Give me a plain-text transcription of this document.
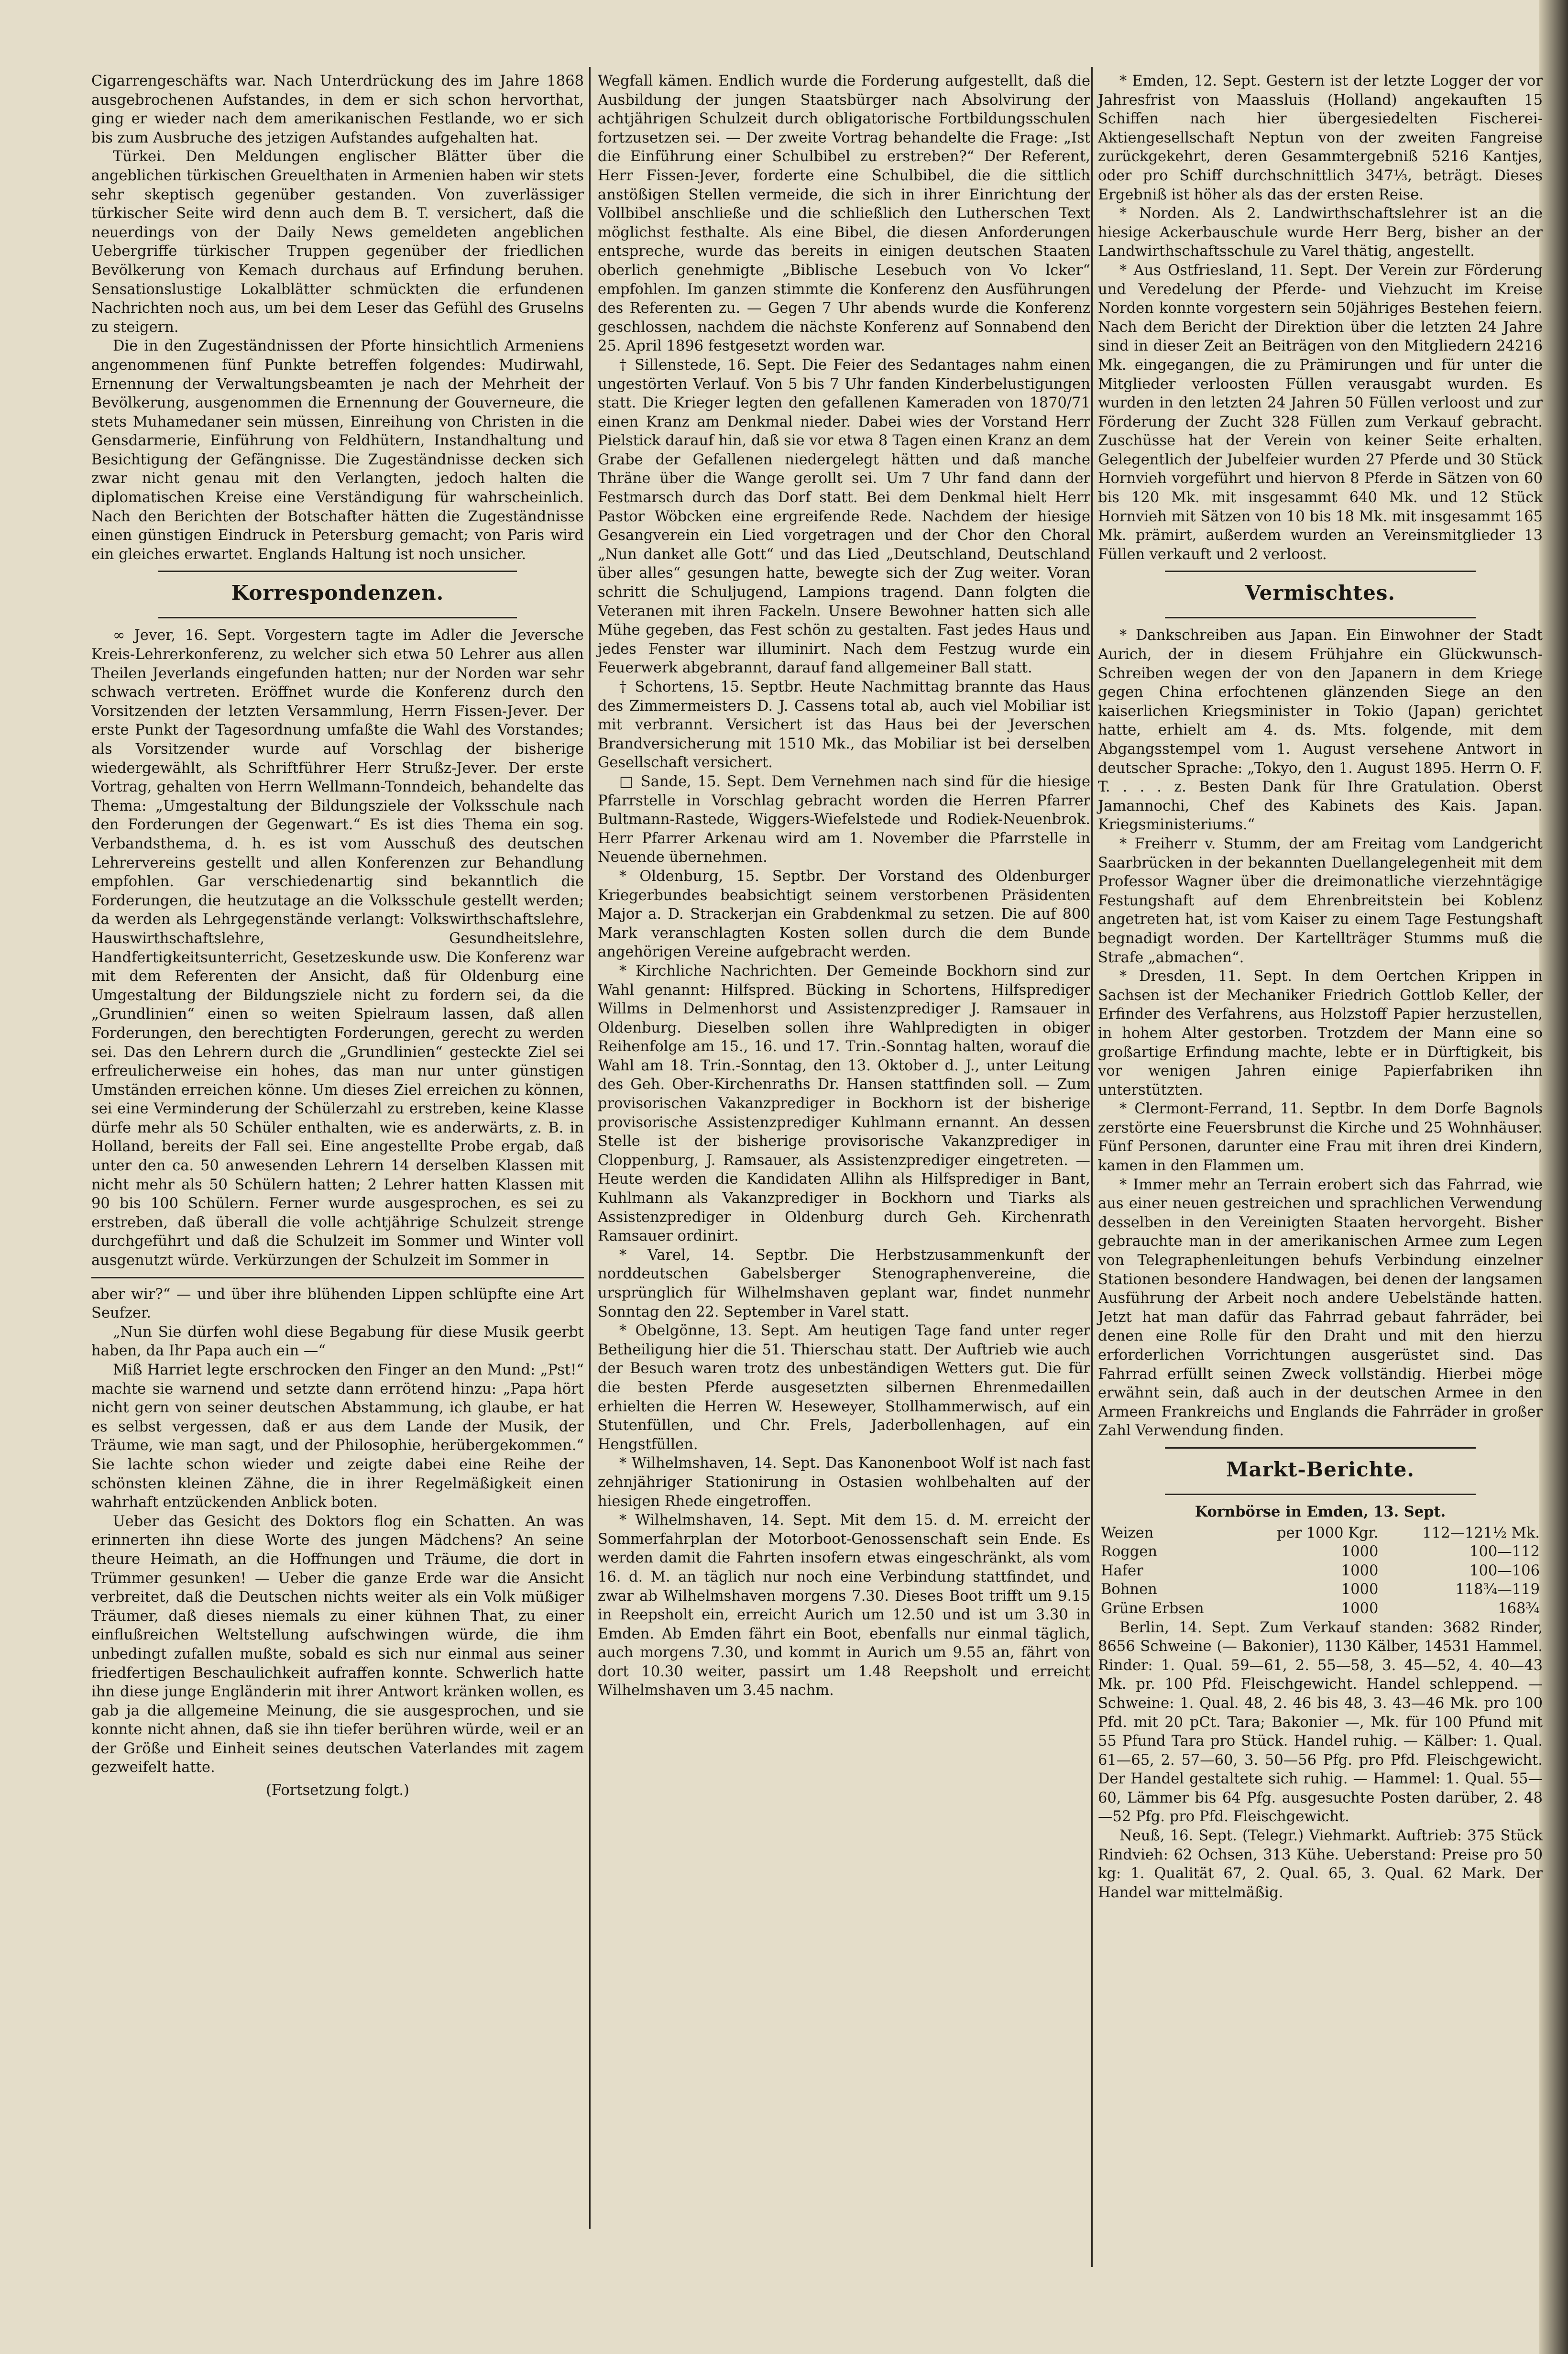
Cigarrengeschäfts war. Nach Unterdrückung des im Jahre 1868 ausgebrochenen Aufstandes, in dem er sich schon hervorthat, ging er wieder nach dem amerikanischen Festlande, wo er sich bis zum Ausbruche des jetzigen Aufstandes aufgehalten hat.

Türkei. Den Meldungen englischer Blätter über die angeblichen türkischen Greuelthaten in Armenien haben wir stets sehr skeptisch gegenüber gestanden. Von zuverlässiger türkischer Seite wird denn auch dem B. T. versichert, daß die neuerdings von der Daily News gemeldeten angeblichen Uebergriffe türkischer Truppen gegenüber der friedlichen Bevölkerung von Kemach durchaus auf Erfindung beruhen. Sensationslustige Lokalblätter schmückten die erfundenen Nachrichten noch aus, um bei dem Leser das Gefühl des Gruselns zu steigern.

Die in den Zugeständnissen der Pforte hinsichtlich Armeniens angenommenen fünf Punkte betreffen folgendes: Mudirwahl, Ernennung der Verwaltungsbeamten je nach der Mehrheit der Bevölkerung, ausgenommen die Ernennung der Gouverneure, die stets Muhamedaner sein müssen, Einreihung von Christen in die Gensdarmerie, Einführung von Feldhütern, Instandhaltung und Besichtigung der Gefängnisse. Die Zugeständnisse decken sich zwar nicht genau mit den Verlangten, jedoch halten die diplomatischen Kreise eine Verständigung für wahrscheinlich. Nach den Berichten der Botschafter hätten die Zugeständnisse einen günstigen Eindruck in Petersburg gemacht; von Paris wird ein gleiches erwartet. Englands Haltung ist noch unsicher.

Korrespondenzen.

∞ Jever, 16. Sept. Vorgestern tagte im Adler die Jeversche Kreis-Lehrerkonferenz, zu welcher sich etwa 50 Lehrer aus allen Theilen Jeverlands eingefunden hatten; nur der Norden war sehr schwach vertreten. Eröffnet wurde die Konferenz durch den Vorsitzenden der letzten Versammlung, Herrn Fissen-Jever. Der erste Punkt der Tagesordnung umfaßte die Wahl des Vorstandes; als Vorsitzender wurde auf Vorschlag der bisherige wiedergewählt, als Schriftführer Herr Strußz-Jever. Der erste Vortrag, gehalten von Herrn Wellmann-Tonndeich, behandelte das Thema: „Umgestaltung der Bildungsziele der Volksschule nach den Forderungen der Gegenwart.“ Es ist dies Thema ein sog. Verbandsthema, d. h. es ist vom Ausschuß des deutschen Lehrervereins gestellt und allen Konferenzen zur Behandlung empfohlen. Gar verschiedenartig sind bekanntlich die Forderungen, die heutzutage an die Volksschule gestellt werden; da werden als Lehrgegenstände verlangt: Volkswirthschaftslehre, Hauswirthschaftslehre, Gesundheitslehre, Handfertigkeitsunterricht, Gesetzeskunde usw. Die Konferenz war mit dem Referenten der Ansicht, daß für Oldenburg eine Umgestaltung der Bildungsziele nicht zu fordern sei, da die „Grundlinien“ einen so weiten Spielraum lassen, daß allen Forderungen, den berechtigten Forderungen, gerecht zu werden sei. Das den Lehrern durch die „Grundlinien“ gesteckte Ziel sei erfreulicherweise ein hohes, das man nur unter günstigen Umständen erreichen könne. Um dieses Ziel erreichen zu können, sei eine Verminderung der Schülerzahl zu erstreben, keine Klasse dürfe mehr als 50 Schüler enthalten, wie es anderwärts, z. B. in Holland, bereits der Fall sei. Eine angestellte Probe ergab, daß unter den ca. 50 anwesenden Lehrern 14 derselben Klassen mit nicht mehr als 50 Schülern hatten; 2 Lehrer hatten Klassen mit 90 bis 100 Schülern. Ferner wurde ausgesprochen, es sei zu erstreben, daß überall die volle achtjährige Schulzeit strenge durchgeführt und daß die Schulzeit im Sommer und Winter voll ausgenutzt würde. Verkürzungen der Schulzeit im Sommer in

aber wir?“ — und über ihre blühenden Lippen schlüpfte eine Art Seufzer.

„Nun Sie dürfen wohl diese Begabung für diese Musik geerbt haben, da Ihr Papa auch ein —“

Miß Harriet legte erschrocken den Finger an den Mund: „Pst!“ machte sie warnend und setzte dann errötend hinzu: „Papa hört nicht gern von seiner deutschen Abstammung, ich glaube, er hat es selbst vergessen, daß er aus dem Lande der Musik, der Träume, wie man sagt, und der Philosophie, herübergekommen.“ Sie lachte schon wieder und zeigte dabei eine Reihe der schönsten kleinen Zähne, die in ihrer Regelmäßigkeit einen wahrhaft entzückenden Anblick boten.

Ueber das Gesicht des Doktors flog ein Schatten. An was erinnerten ihn diese Worte des jungen Mädchens? An seine theure Heimath, an die Hoffnungen und Träume, die dort in Trümmer gesunken! — Ueber die ganze Erde war die Ansicht verbreitet, daß die Deutschen nichts weiter als ein Volk müßiger Träumer, daß dieses niemals zu einer kühnen That, zu einer einflußreichen Weltstellung aufschwingen würde, die ihm unbedingt zufallen mußte, sobald es sich nur einmal aus seiner friedfertigen Beschaulichkeit aufraffen konnte. Schwerlich hatte ihn diese junge Engländerin mit ihrer Antwort kränken wollen, es gab ja die allgemeine Meinung, die sie ausgesprochen, und sie konnte nicht ahnen, daß sie ihn tiefer berühren würde, weil er an der Größe und Einheit seines deutschen Vaterlandes mit zagem gezweifelt hatte.

(Fortsetzung folgt.)

Wegfall kämen. Endlich wurde die Forderung aufgestellt, daß die Ausbildung der jungen Staatsbürger nach Absolvirung der achtjährigen Schulzeit durch obligatorische Fortbildungsschulen fortzusetzen sei. — Der zweite Vortrag behandelte die Frage: „Ist die Einführung einer Schulbibel zu erstreben?“ Der Referent, Herr Fissen-Jever, forderte eine Schulbibel, die die sittlich anstößigen Stellen vermeide, die sich in ihrer Einrichtung der Vollbibel anschließe und die schließlich den Lutherschen Text möglichst festhalte. Als eine Bibel, die diesen Anforderungen entspreche, wurde das bereits in einigen deutschen Staaten oberlich genehmigte „Biblische Lesebuch von Vo lcker“ empfohlen. Im ganzen stimmte die Konferenz den Ausführungen des Referenten zu. — Gegen 7 Uhr abends wurde die Konferenz geschlossen, nachdem die nächste Konferenz auf Sonnabend den 25. April 1896 festgesetzt worden war.

† Sillenstede, 16. Sept. Die Feier des Sedantages nahm einen ungestörten Verlauf. Von 5 bis 7 Uhr fanden Kinderbelustigungen statt. Die Krieger legten den gefallenen Kameraden von 1870/71 einen Kranz am Denkmal nieder. Dabei wies der Vorstand Herr Pielstick darauf hin, daß sie vor etwa 8 Tagen einen Kranz an dem Grabe der Gefallenen niedergelegt hätten und daß manche Thräne über die Wange gerollt sei. Um 7 Uhr fand dann der Festmarsch durch das Dorf statt. Bei dem Denkmal hielt Herr Pastor Wöbcken eine ergreifende Rede. Nachdem der hiesige Gesangverein ein Lied vorgetragen und der Chor den Choral „Nun danket alle Gott“ und das Lied „Deutschland, Deutschland über alles“ gesungen hatte, bewegte sich der Zug weiter. Voran schritt die Schuljugend, Lampions tragend. Dann folgten die Veteranen mit ihren Fackeln. Unsere Bewohner hatten sich alle Mühe gegeben, das Fest schön zu gestalten. Fast jedes Haus und jedes Fenster war illuminirt. Nach dem Festzug wurde ein Feuerwerk abgebrannt, darauf fand allgemeiner Ball statt.

† Schortens, 15. Septbr. Heute Nachmittag brannte das Haus des Zimmermeisters D. J. Cassens total ab, auch viel Mobiliar ist mit verbrannt. Versichert ist das Haus bei der Jeverschen Brandversicherung mit 1510 Mk., das Mobiliar ist bei derselben Gesellschaft versichert.

□ Sande, 15. Sept. Dem Vernehmen nach sind für die hiesige Pfarrstelle in Vorschlag gebracht worden die Herren Pfarrer Bultmann-Rastede, Wiggers-Wiefelstede und Rodiek-Neuenbrok. Herr Pfarrer Arkenau wird am 1. November die Pfarrstelle in Neuende übernehmen.

* Oldenburg, 15. Septbr. Der Vorstand des Oldenburger Kriegerbundes beabsichtigt seinem verstorbenen Präsidenten Major a. D. Strackerjan ein Grabdenkmal zu setzen. Die auf 800 Mark veranschlagten Kosten sollen durch die dem Bunde angehörigen Vereine aufgebracht werden.

* Kirchliche Nachrichten. Der Gemeinde Bockhorn sind zur Wahl genannt: Hilfspred. Bücking in Schortens, Hilfsprediger Willms in Delmenhorst und Assistenzprediger J. Ramsauer in Oldenburg. Dieselben sollen ihre Wahlpredigten in obiger Reihenfolge am 15., 16. und 17. Trin.-Sonntag halten, worauf die Wahl am 18. Trin.-Sonntag, den 13. Oktober d. J., unter Leitung des Geh. Ober-Kirchenraths Dr. Hansen stattfinden soll. — Zum provisorischen Vakanzprediger in Bockhorn ist der bisherige provisorische Assistenzprediger Kuhlmann ernannt. An dessen Stelle ist der bisherige provisorische Vakanzprediger in Cloppenburg, J. Ramsauer, als Assistenzprediger eingetreten. — Heute werden die Kandidaten Allihn als Hilfsprediger in Bant, Kuhlmann als Vakanzprediger in Bockhorn und Tiarks als Assistenzprediger in Oldenburg durch Geh. Kirchenrath Ramsauer ordinirt.

* Varel, 14. Septbr. Die Herbstzusammenkunft der norddeutschen Gabelsberger Stenographenvereine, die ursprünglich für Wilhelmshaven geplant war, findet nunmehr Sonntag den 22. September in Varel statt.

* Obelgönne, 13. Sept. Am heutigen Tage fand unter reger Betheiligung hier die 51. Thierschau statt. Der Auftrieb wie auch der Besuch waren trotz des unbeständigen Wetters gut. Die für die besten Pferde ausgesetzten silbernen Ehrenmedaillen erhielten die Herren W. Heseweyer, Stollhammerwisch, auf ein Stutenfüllen, und Chr. Frels, Jaderbollenhagen, auf ein Hengstfüllen.

* Wilhelmshaven, 14. Sept. Das Kanonenboot Wolf ist nach fast zehnjähriger Stationirung in Ostasien wohlbehalten auf der hiesigen Rhede eingetroffen.

* Wilhelmshaven, 14. Sept. Mit dem 15. d. M. erreicht der Sommerfahrplan der Motorboot-Genossenschaft sein Ende. Es werden damit die Fahrten insofern etwas eingeschränkt, als vom 16. d. M. an täglich nur noch eine Verbindung stattfindet, und zwar ab Wilhelmshaven morgens 7.30. Dieses Boot trifft um 9.15 in Reepsholt ein, erreicht Aurich um 12.50 und ist um 3.30 in Emden. Ab Emden fährt ein Boot, ebenfalls nur einmal täglich, auch morgens 7.30, und kommt in Aurich um 9.55 an, fährt von dort 10.30 weiter, passirt um 1.48 Reepsholt und erreicht Wilhelmshaven um 3.45 nachm.

* Emden, 12. Sept. Gestern ist der letzte Logger der vor Jahresfrist von Maassluis (Holland) angekauften 15 Schiffen nach hier übergesiedelten Fischerei-Aktiengesellschaft Neptun von der zweiten Fangreise zurückgekehrt, deren Gesammtergebniß 5216 Kantjes, oder pro Schiff durchschnittlich 347⅓, beträgt. Dieses Ergebniß ist höher als das der ersten Reise.

* Norden. Als 2. Landwirthschaftslehrer ist an die hiesige Ackerbauschule wurde Herr Berg, bisher an der Landwirthschaftsschule zu Varel thätig, angestellt.

* Aus Ostfriesland, 11. Sept. Der Verein zur Förderung und Veredelung der Pferde- und Viehzucht im Kreise Norden konnte vorgestern sein 50jähriges Bestehen feiern. Nach dem Bericht der Direktion über die letzten 24 Jahre sind in dieser Zeit an Beiträgen von den Mitgliedern 24216 Mk. eingegangen, die zu Prämirungen und für unter die Mitglieder verloosten Füllen verausgabt wurden. Es wurden in den letzten 24 Jahren 50 Füllen verloost und zur Förderung der Zucht 328 Füllen zum Verkauf gebracht. Zuschüsse hat der Verein von keiner Seite erhalten. Gelegentlich der Jubelfeier wurden 27 Pferde und 30 Stück Hornvieh vorgeführt und hiervon 8 Pferde in Sätzen von 60 bis 120 Mk. mit insgesammt 640 Mk. und 12 Stück Hornvieh mit Sätzen von 10 bis 18 Mk. mit insgesammt 165 Mk. prämirt, außerdem wurden an Vereinsmitglieder 13 Füllen verkauft und 2 verloost.

Vermischtes.

* Dankschreiben aus Japan. Ein Einwohner der Stadt Aurich, der in diesem Frühjahre ein Glückwunsch-Schreiben wegen der von den Japanern in dem Kriege gegen China erfochtenen glänzenden Siege an den kaiserlichen Kriegsminister in Tokio (Japan) gerichtet hatte, erhielt am 4. ds. Mts. folgende, mit dem Abgangsstempel vom 1. August versehene Antwort in deutscher Sprache: „Tokyo, den 1. August 1895. Herrn O. F. T. . . . z. Besten Dank für Ihre Gratulation. Oberst Jamannochi, Chef des Kabinets des Kais. Japan. Kriegsministeriums.“

* Freiherr v. Stumm, der am Freitag vom Landgericht Saarbrücken in der bekannten Duellangelegenheit mit dem Professor Wagner über die dreimonatliche vierzehntägige Festungshaft auf dem Ehrenbreitstein bei Koblenz angetreten hat, ist vom Kaiser zu einem Tage Festungshaft begnadigt worden. Der Kartellträger Stumms muß die Strafe „abmachen“.

* Dresden, 11. Sept. In dem Oertchen Krippen in Sachsen ist der Mechaniker Friedrich Gottlob Keller, der Erfinder des Verfahrens, aus Holzstoff Papier herzustellen, in hohem Alter gestorben. Trotzdem der Mann eine so großartige Erfindung machte, lebte er in Dürftigkeit, bis vor wenigen Jahren einige Papierfabriken ihn unterstützten.

* Clermont-Ferrand, 11. Septbr. In dem Dorfe Bagnols zerstörte eine Feuersbrunst die Kirche und 25 Wohnhäuser. Fünf Personen, darunter eine Frau mit ihren drei Kindern, kamen in den Flammen um.

* Immer mehr an Terrain erobert sich das Fahrrad, wie aus einer neuen gestreichen und sprachlichen Verwendung desselben in den Vereinigten Staaten hervorgeht. Bisher gebrauchte man in der amerikanischen Armee zum Legen von Telegraphenleitungen behufs Verbindung einzelner Stationen besondere Handwagen, bei denen der langsamen Ausführung der Arbeit noch andere Uebelstände hatten. Jetzt hat man dafür das Fahrrad gebaut fahrräder, bei denen eine Rolle für den Draht und mit den hierzu erforderlichen Vorrichtungen ausgerüstet sind. Das Fahrrad erfüllt seinen Zweck vollständig. Hierbei möge erwähnt sein, daß auch in der deutschen Armee in den Armeen Frankreichs und Englands die Fahrräder in großer Zahl Verwendung finden.

Markt-Berichte.
Kornbörse in Emden, 13. Sept.
Weizen	per 1000 Kgr.	112—121½ Mk.
Roggen	1000	100—112
Hafer	1000	100—106
Bohnen	1000	118¾—119
Grüne Erbsen	1000	168¾

Berlin, 14. Sept. Zum Verkauf standen: 3682 Rinder, 8656 Schweine (— Bakonier), 1130 Kälber, 14531 Hammel. Rinder: 1. Qual. 59—61, 2. 55—58, 3. 45—52, 4. 40—43 Mk. pr. 100 Pfd. Fleischgewicht. Handel schleppend. — Schweine: 1. Qual. 48, 2. 46 bis 48, 3. 43—46 Mk. pro 100 Pfd. mit 20 pCt. Tara; Bakonier —, Mk. für 100 Pfund mit 55 Pfund Tara pro Stück. Handel ruhig. — Kälber: 1. Qual. 61—65, 2. 57—60, 3. 50—56 Pfg. pro Pfd. Fleischgewicht. Der Handel gestaltete sich ruhig. — Hammel: 1. Qual. 55—60, Lämmer bis 64 Pfg. ausgesuchte Posten darüber, 2. 48—52 Pfg. pro Pfd. Fleischgewicht.

Neuß, 16. Sept. (Telegr.) Viehmarkt. Auftrieb: 375 Stück Rindvieh: 62 Ochsen, 313 Kühe. Ueberstand: Preise pro 50 kg: 1. Qualität 67, 2. Qual. 65, 3. Qual. 62 Mark. Der Handel war mittelmäßig.
